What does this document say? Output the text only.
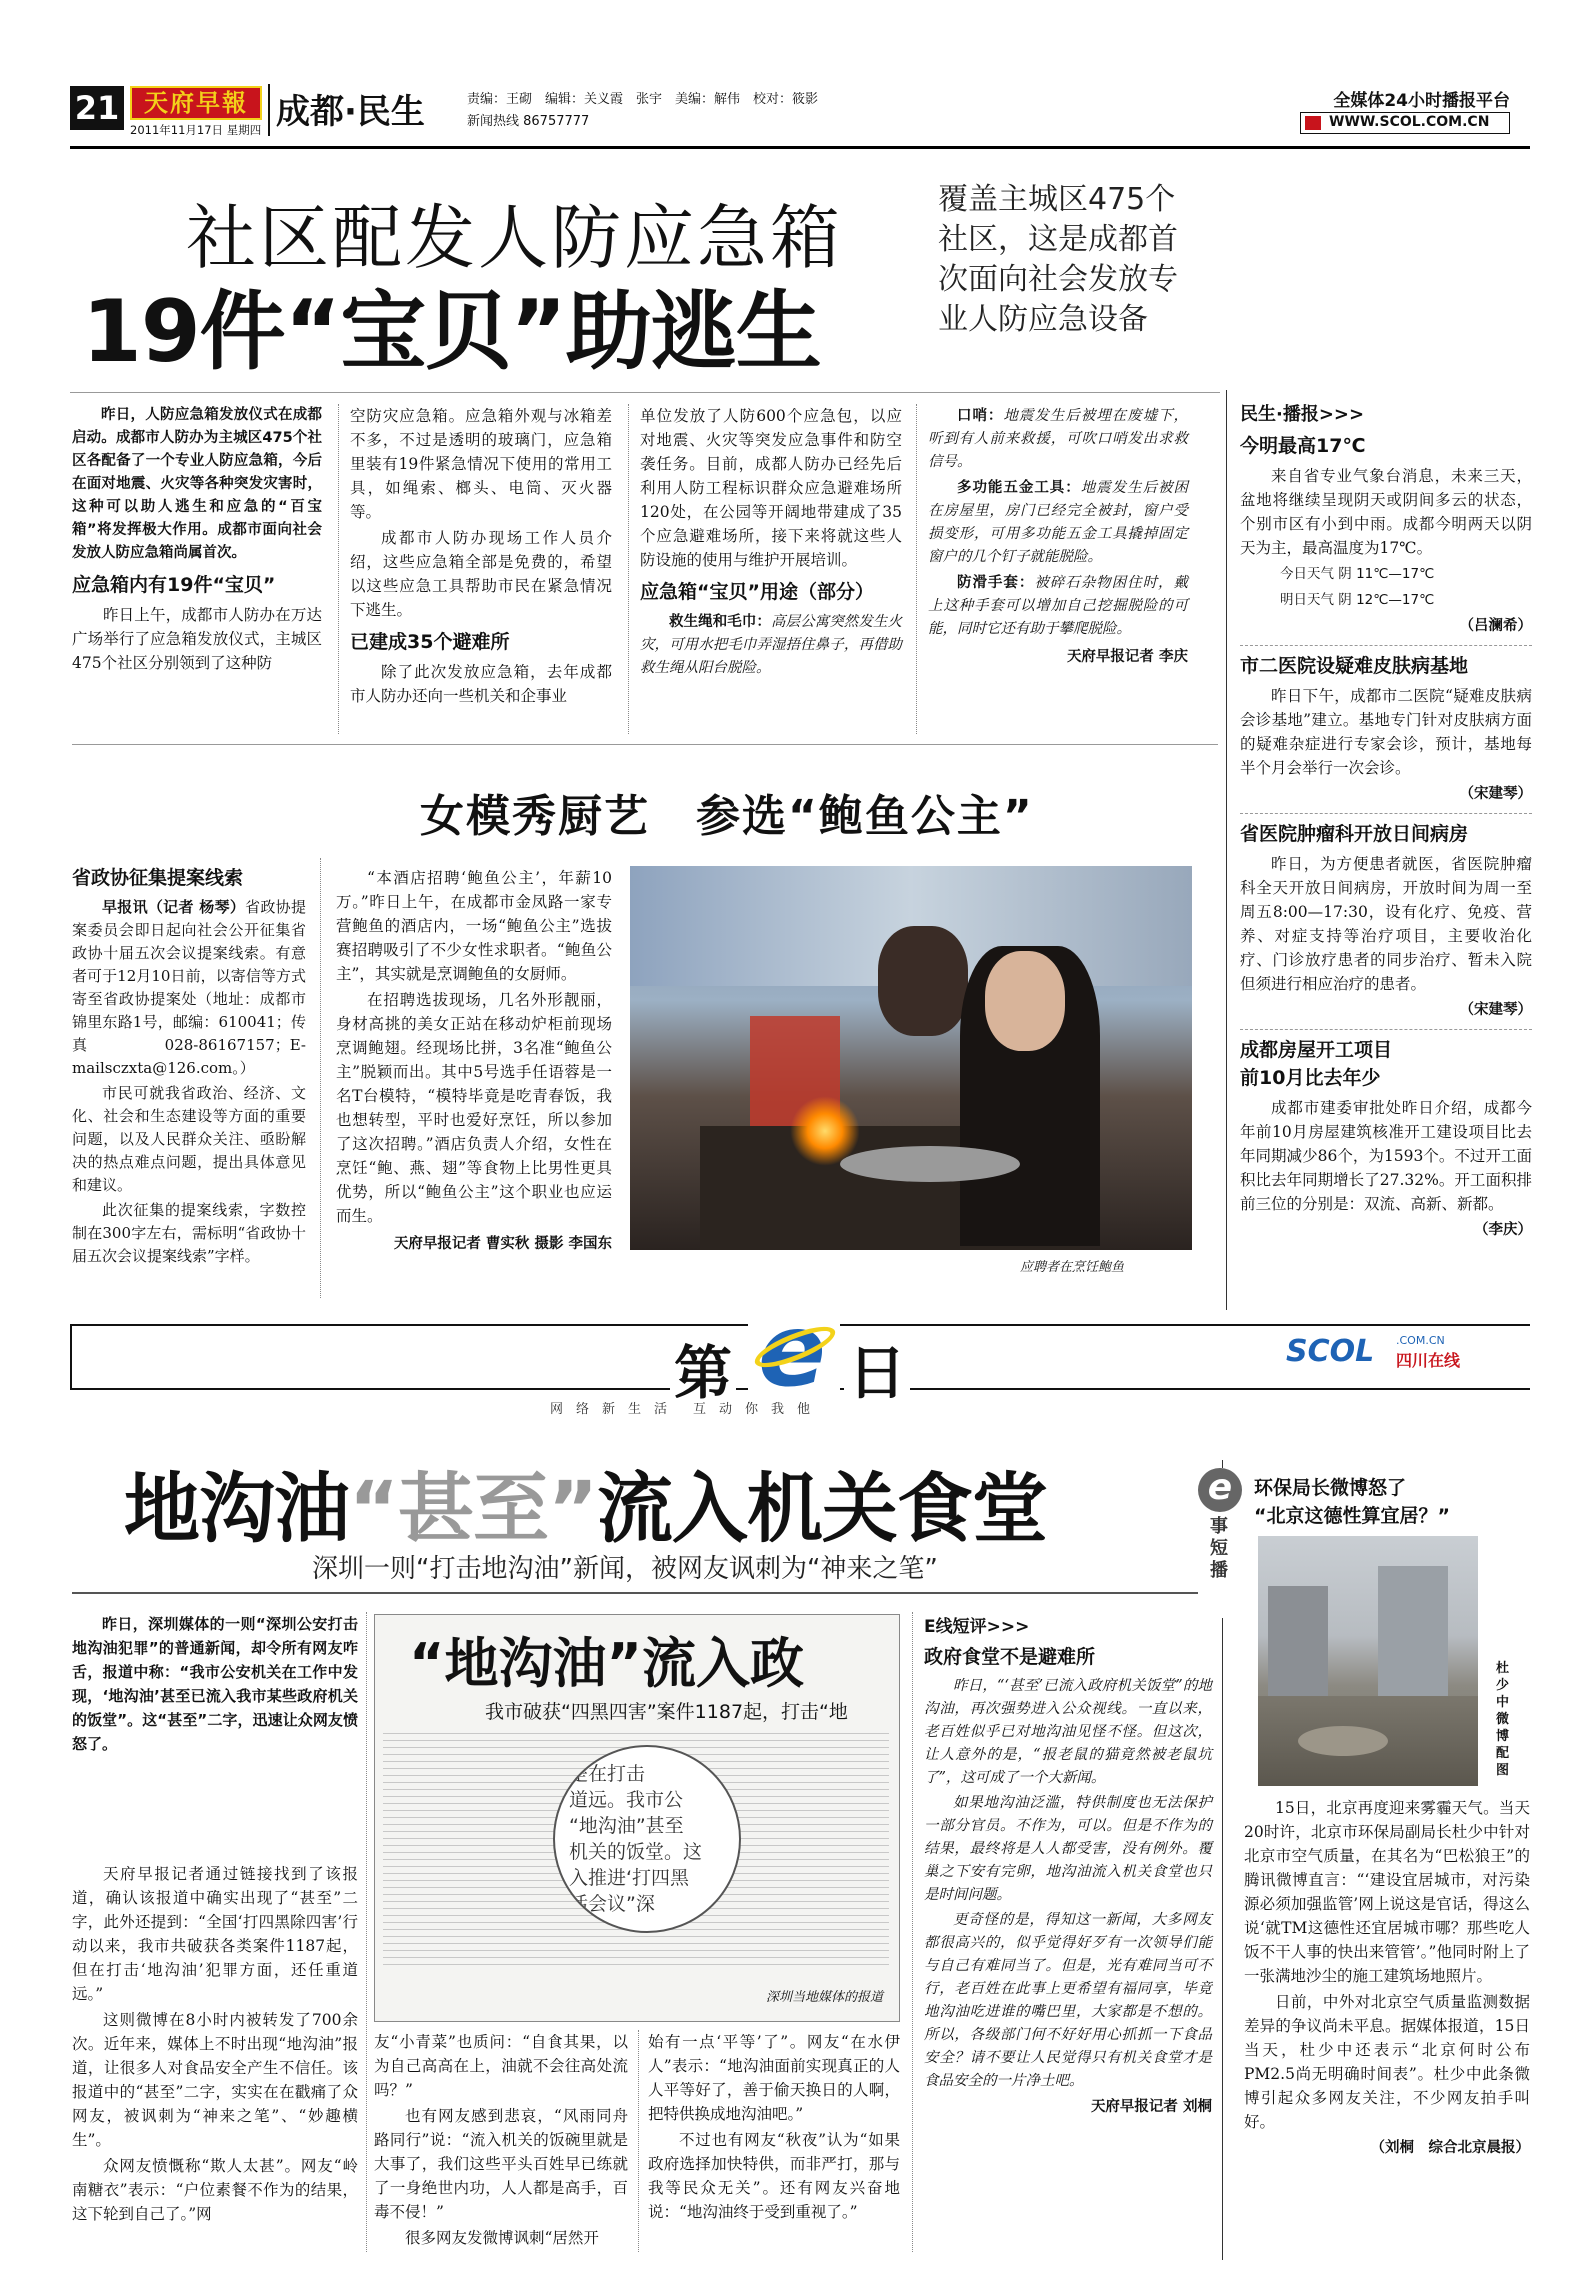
21	天府早報
2011年11月17日 星期四 成都·民生	责编：王砌　编辑：关义霞　张宇　美编：解伟　校对：筱影
新闻热线 86757777
全媒体24小时播报平台
WWW.SCOL.COM.CN
社区配发人防应急箱
19件“宝贝”助逃生
覆盖主城区475个社区，这是成都首次面向社会发放专业人防应急设备

昨日，人防应急箱发放仪式在成都启动。成都市人防办为主城区475个社区各配备了一个专业人防应急箱，今后在面对地震、火灾等各种突发灾害时，这种可以助人逃生和应急的“百宝箱”将发挥极大作用。成都市面向社会发放人防应急箱尚属首次。

应急箱内有19件“宝贝”

昨日上午，成都市人防办在万达广场举行了应急箱发放仪式，主城区475个社区分别领到了这种防

空防灾应急箱。应急箱外观与冰箱差不多，不过是透明的玻璃门，应急箱里装有19件紧急情况下使用的常用工具，如绳索、榔头、电筒、灭火器等。

成都市人防办现场工作人员介绍，这些应急箱全部是免费的，希望以这些应急工具帮助市民在紧急情况下逃生。

已建成35个避难所

除了此次发放应急箱，去年成都市人防办还向一些机关和企事业

单位发放了人防600个应急包，以应对地震、火灾等突发应急事件和防空袭任务。目前，成都人防办已经先后利用人防工程标识群众应急避难场所120处，在公园等开阔地带建成了35个应急避难场所，接下来将就这些人防设施的使用与维护开展培训。

应急箱“宝贝”用途（部分）

救生绳和毛巾：高层公寓突然发生火灾，可用水把毛巾弄湿捂住鼻子，再借助救生绳从阳台脱险。

口哨：地震发生后被埋在废墟下，听到有人前来救援，可吹口哨发出求救信号。

多功能五金工具：地震发生后被困在房屋里，房门已经完全被封，窗户受损变形，可用多功能五金工具撬掉固定窗户的几个钉子就能脱险。

防滑手套：被碎石杂物困住时，戴上这种手套可以增加自己挖掘脱险的可能，同时它还有助于攀爬脱险。

天府早报记者 李庆
民生·播报>>>
今明最高17℃

来自省专业气象台消息，未来三天，盆地将继续呈现阴天或阴间多云的状态，个别市区有小到中雨。成都今明两天以阴天为主，最高温度为17℃。

今日天气 阴 11℃—17℃

明日天气 阴 12℃—17℃

（吕澜希）
市二医院设疑难皮肤病基地

昨日下午，成都市二医院“疑难皮肤病会诊基地”建立。基地专门针对皮肤病方面的疑难杂症进行专家会诊，预计，基地每半个月会举行一次会诊。

（宋建琴）
省医院肿瘤科开放日间病房

昨日，为方便患者就医，省医院肿瘤科全天开放日间病房，开放时间为周一至周五8:00—17:30，设有化疗、免疫、营养、对症支持等治疗项目，主要收治化疗、门诊放疗患者的同步治疗、暂未入院但须进行相应治疗的患者。

（宋建琴）
成都房屋开工项目
前10月比去年少

成都市建委审批处昨日介绍，成都今年前10月房屋建筑核准开工建设项目比去年同期减少86个，为1593个。不过开工面积比去年同期增长了27.32%。开工面积排前三位的分别是：双流、高新、新都。

（李庆）
女模秀厨艺　参选“鲍鱼公主”
省政协征集提案线索

早报讯（记者 杨琴）省政协提案委员会即日起向社会公开征集省政协十届五次会议提案线索。有意者可于12月10日前，以寄信等方式寄至省政协提案处（地址：成都市锦里东路1号，邮编：610041；传真028-86167157；E-mailsczxta@126.com。）

市民可就我省政治、经济、文化、社会和生态建设等方面的重要问题，以及人民群众关注、亟盼解决的热点难点问题，提出具体意见和建议。

此次征集的提案线索，字数控制在300字左右，需标明“省政协十届五次会议提案线索”字样。

“本酒店招聘‘鲍鱼公主’，年薪10万。”昨日上午，在成都市金凤路一家专营鲍鱼的酒店内，一场“鲍鱼公主”选拔赛招聘吸引了不少女性求职者。“鲍鱼公主”，其实就是烹调鲍鱼的女厨师。

在招聘选拔现场，几名外形靓丽，身材高挑的美女正站在移动炉柜前现场烹调鲍翅。经现场比拼，3名准“鲍鱼公主”脱颖而出。其中5号选手任语蓉是一名T台模特，“模特毕竟是吃青春饭，我也想转型，平时也爱好烹饪，所以参加了这次招聘。”酒店负责人介绍，女性在烹饪“鲍、燕、翅”等食物上比男性更具优势，所以“鲍鱼公主”这个职业也应运而生。

天府早报记者 曹实秋 摄影 李国东
应聘者在烹饪鲍鱼
第 e 日
网　络　新　生　活　　互　动　你　我　他
SCOL .COM.CN
四川在线
地沟油“甚至”流入机关食堂
深圳一则“打击地沟油”新闻，被网友讽刺为“神来之笔”

昨日，深圳媒体的一则“深圳公安打击地沟油犯罪”的普通新闻，却令所有网友咋舌，报道中称：“我市公安机关在工作中发现，‘地沟油’甚至已流入我市某些政府机关的饭堂”。这“甚至”二字，迅速让众网友愤怒了。

“地沟油”流入政
我市破获“四黑四害”案件1187起，打击“地
是在打击
道远。我市公
“地沟油”甚至
机关的饭堂。这
入推进‘打四黑
话会议”深
深圳当地媒体的报道

天府早报记者通过链接找到了该报道，确认该报道中确实出现了“甚至”二字，此外还提到：“全国‘打四黑除四害’行动以来，我市共破获各类案件1187起，但在打击‘地沟油’犯罪方面，还任重道远。”

这则微博在8小时内被转发了700余次。近年来，媒体上不时出现“地沟油”报道，让很多人对食品安全产生不信任。该报道中的“甚至”二字，实实在在戳痛了众网友，被讽刺为“神来之笔”、“妙趣横生”。

众网友愤慨称“欺人太甚”。网友“岭南糖衣”表示：“户位素餐不作为的结果，这下轮到自己了。”网

友“小青菜”也质问：“自食其果，以为自己高高在上，油就不会往高处流吗？”

也有网友感到悲哀，“风雨同舟路同行”说：“流入机关的饭碗里就是大事了，我们这些平头百姓早已练就了一身绝世内功，人人都是高手，百毒不侵！”

很多网友发微博讽刺“居然开

始有一点‘平等’了”。网友“在水伊人”表示：“地沟油面前实现真正的人人平等好了，善于偷天换日的人啊，把特供换成地沟油吧。”

不过也有网友“秋夜”认为“如果政府选择加快特供，而非严打，那与我等民众无关”。还有网友兴奋地说：“地沟油终于受到重视了。”

E线短评>>>
政府食堂不是避难所

昨日，“‘甚至’已流入政府机关饭堂”的地沟油，再次强势进入公众视线。一直以来，老百姓似乎已对地沟油见怪不怪。但这次，让人意外的是，“报老鼠的猫竟然被老鼠坑了”，这可成了一个大新闻。

如果地沟油泛滥，特供制度也无法保护一部分官员。不作为，可以。但是不作为的结果，最终将是人人都受害，没有例外。覆巢之下安有完卵，地沟油流入机关食堂也只是时间问题。

更奇怪的是，得知这一新闻，大多网友都很高兴的，似乎觉得好歹有一次领导们能与自己有难同当了。但是，光有难同当可不行，老百姓在此事上更希望有福同享，毕竟地沟油吃进谁的嘴巴里，大家都是不想的。所以，各级部门何不好好用心抓抓一下食品安全？请不要让人民觉得只有机关食堂才是食品安全的一片净土吧。

天府早报记者 刘桐
e
事短播
环保局长微博怒了
“北京这德性算宜居？”
杜少中微博配图

15日，北京再度迎来雾霾天气。当天20时许，北京市环保局副局长杜少中针对北京市空气质量，在其名为“巴松狼王”的腾讯微博直言：“‘建设宜居城市，对污染源必须加强监管’网上说这是官话，得这么说‘就TM这德性还宜居城市哪？那些吃人饭不干人事的快出来管管’。”他同时附上了一张满地沙尘的施工建筑场地照片。

日前，中外对北京空气质量监测数据差异的争议尚未平息。据媒体报道，15日当天，杜少中还表示“北京何时公布PM2.5尚无明确时间表”。杜少中此条微博引起众多网友关注，不少网友拍手叫好。

（刘桐　综合北京晨报）
